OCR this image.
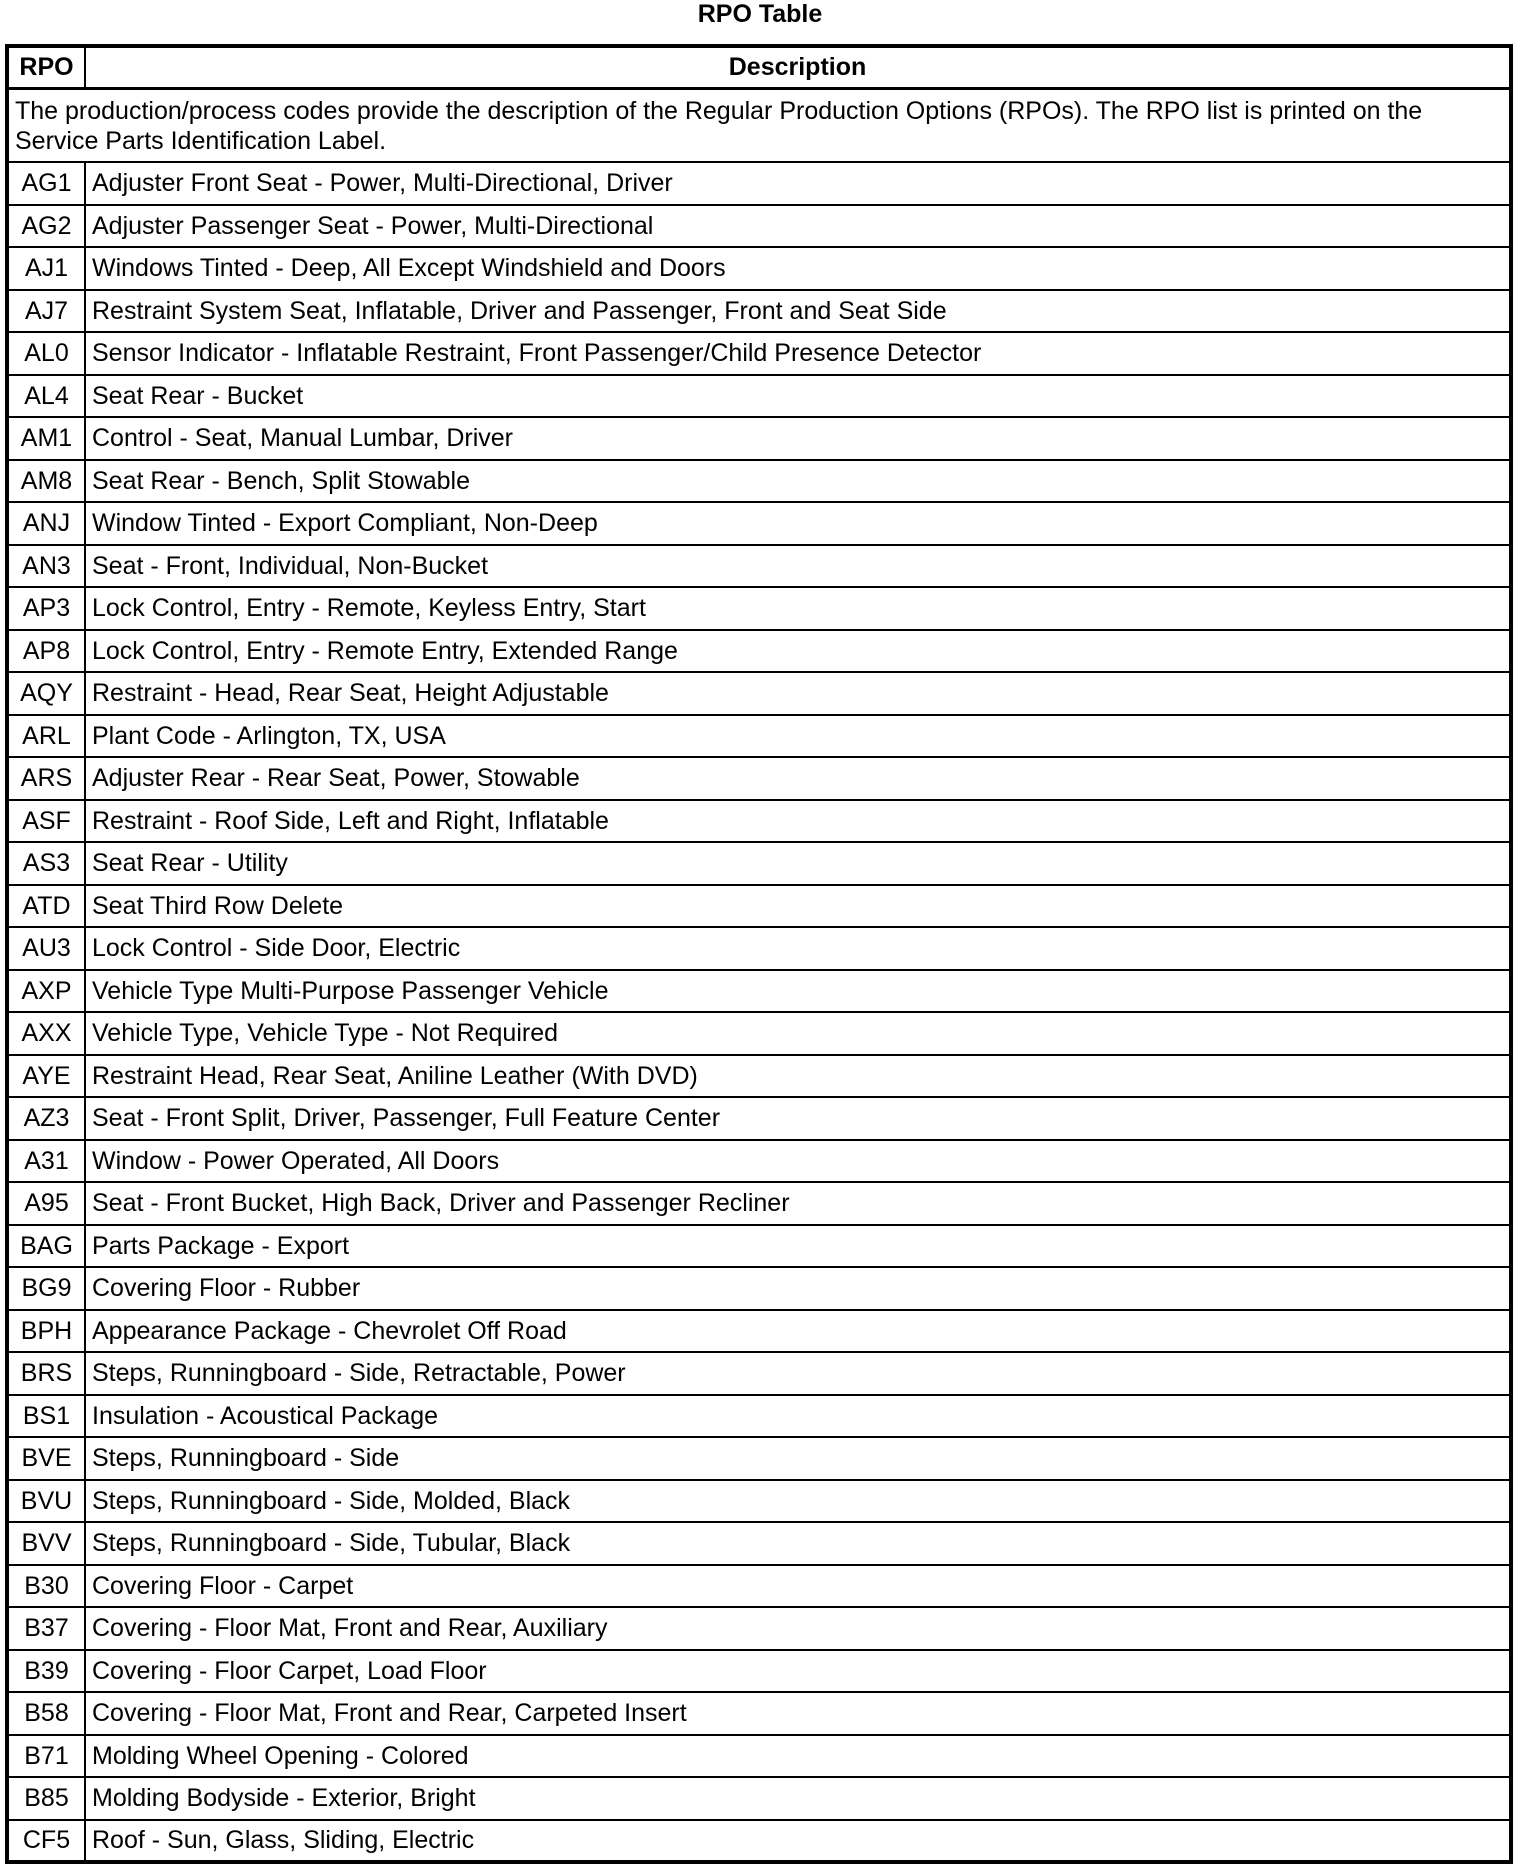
RPO Table
RPO	Description
The production/process codes provide the description of the Regular Production Options (RPOs). The RPO list is printed on the Service Parts Identification Label.	
AG1	Adjuster Front Seat - Power, Multi-Directional, Driver
AG2	Adjuster Passenger Seat - Power, Multi-Directional
AJ1	Windows Tinted - Deep, All Except Windshield and Doors
AJ7	Restraint System Seat, Inflatable, Driver and Passenger, Front and Seat Side
AL0	Sensor Indicator - Inflatable Restraint, Front Passenger/Child Presence Detector
AL4	Seat Rear - Bucket
AM1	Control - Seat, Manual Lumbar, Driver
AM8	Seat Rear - Bench, Split Stowable
ANJ	Window Tinted - Export Compliant, Non-Deep
AN3	Seat - Front, Individual, Non-Bucket
AP3	Lock Control, Entry - Remote, Keyless Entry, Start
AP8	Lock Control, Entry - Remote Entry, Extended Range
AQY	Restraint - Head, Rear Seat, Height Adjustable
ARL	Plant Code - Arlington, TX, USA
ARS	Adjuster Rear - Rear Seat, Power, Stowable
ASF	Restraint - Roof Side, Left and Right, Inflatable
AS3	Seat Rear - Utility
ATD	Seat Third Row Delete
AU3	Lock Control - Side Door, Electric
AXP	Vehicle Type Multi-Purpose Passenger Vehicle
AXX	Vehicle Type, Vehicle Type - Not Required
AYE	Restraint Head, Rear Seat, Aniline Leather (With DVD)
AZ3	Seat - Front Split, Driver, Passenger, Full Feature Center
A31	Window - Power Operated, All Doors
A95	Seat - Front Bucket, High Back, Driver and Passenger Recliner
BAG	Parts Package - Export
BG9	Covering Floor - Rubber
BPH	Appearance Package - Chevrolet Off Road
BRS	Steps, Runningboard - Side, Retractable, Power
BS1	Insulation - Acoustical Package
BVE	Steps, Runningboard - Side
BVU	Steps, Runningboard - Side, Molded, Black
BVV	Steps, Runningboard - Side, Tubular, Black
B30	Covering Floor - Carpet
B37	Covering - Floor Mat, Front and Rear, Auxiliary
B39	Covering - Floor Carpet, Load Floor
B58	Covering - Floor Mat, Front and Rear, Carpeted Insert
B71	Molding Wheel Opening - Colored
B85	Molding Bodyside - Exterior, Bright
CF5	Roof - Sun, Glass, Sliding, Electric
